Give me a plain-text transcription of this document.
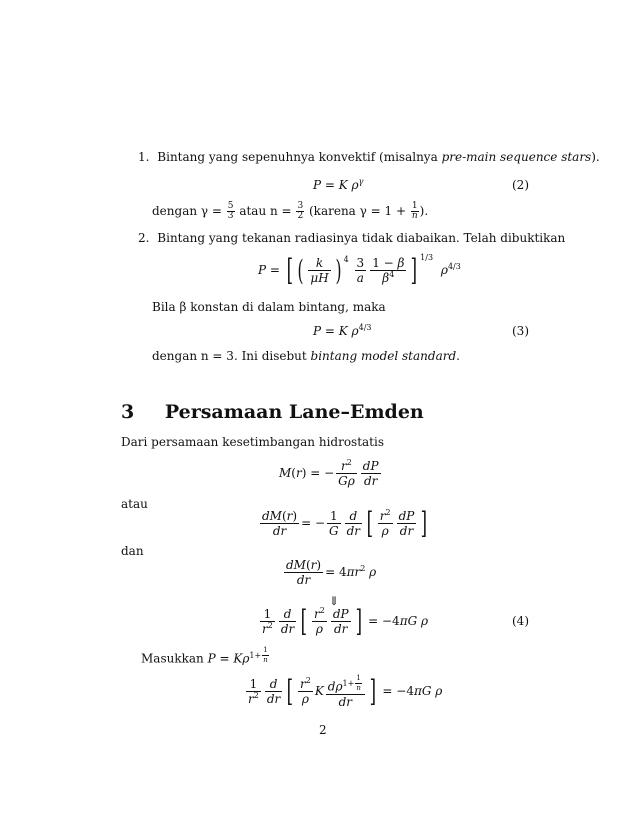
1. Bintang yang sepenuhnya konvektif (misalnya pre-main sequence stars).
P = K $\rho^\gamma$	(2)
dengan $\gamma = \frac{5}{3}$ atau $n = \frac{3}{2}$ (karena $\gamma = 1 + \frac{1}{n}$ ).
2. Bintang yang tekanan radiasinya tidak diabaikan. Telah dibuktikan
P = [ ( $\frac{k}{\mu H}$ ) $^4 \frac{3}{a} \frac{1 - \beta}{\beta^4}$ ] $^{1/3}$ $\rho^{4/3}$
Bila β konstan di dalam bintang, maka
P = K $\rho^{4/3}$	(3)
dengan n = 3. Ini disebut bintang model standard.
3 Persamaan Lane–Emden
Dari persamaan kesetimbangan hidrostatis
M(r) = − $\frac{r^2}{G\rho} \frac{dP}{dr}$
atau
$\frac{dM(r)}{dr}$ = − $\frac{1}{G} \frac{d}{dr}$ [ $\frac{r^2}{\rho} \frac{dP}{dr}$ ]
dan
$\frac{dM(r)}{dr} = 4\pi r^2$ ρ
⇓
$\frac{1}{r^2} \frac{d}{dr}$ [ $\frac{r^2}{\rho} \frac{dP}{dr}$ ] = −4πG ρ	(4)
Masukkan $P = K\rho^{1+ \frac{1}{n}}$
$\frac{1}{r^2} \frac{d}{dr}$ [ $\frac{r^2}{\rho}$ K $d\rho^{1+ \frac{1}{n}}$
dr ] = −4πG ρ
2
